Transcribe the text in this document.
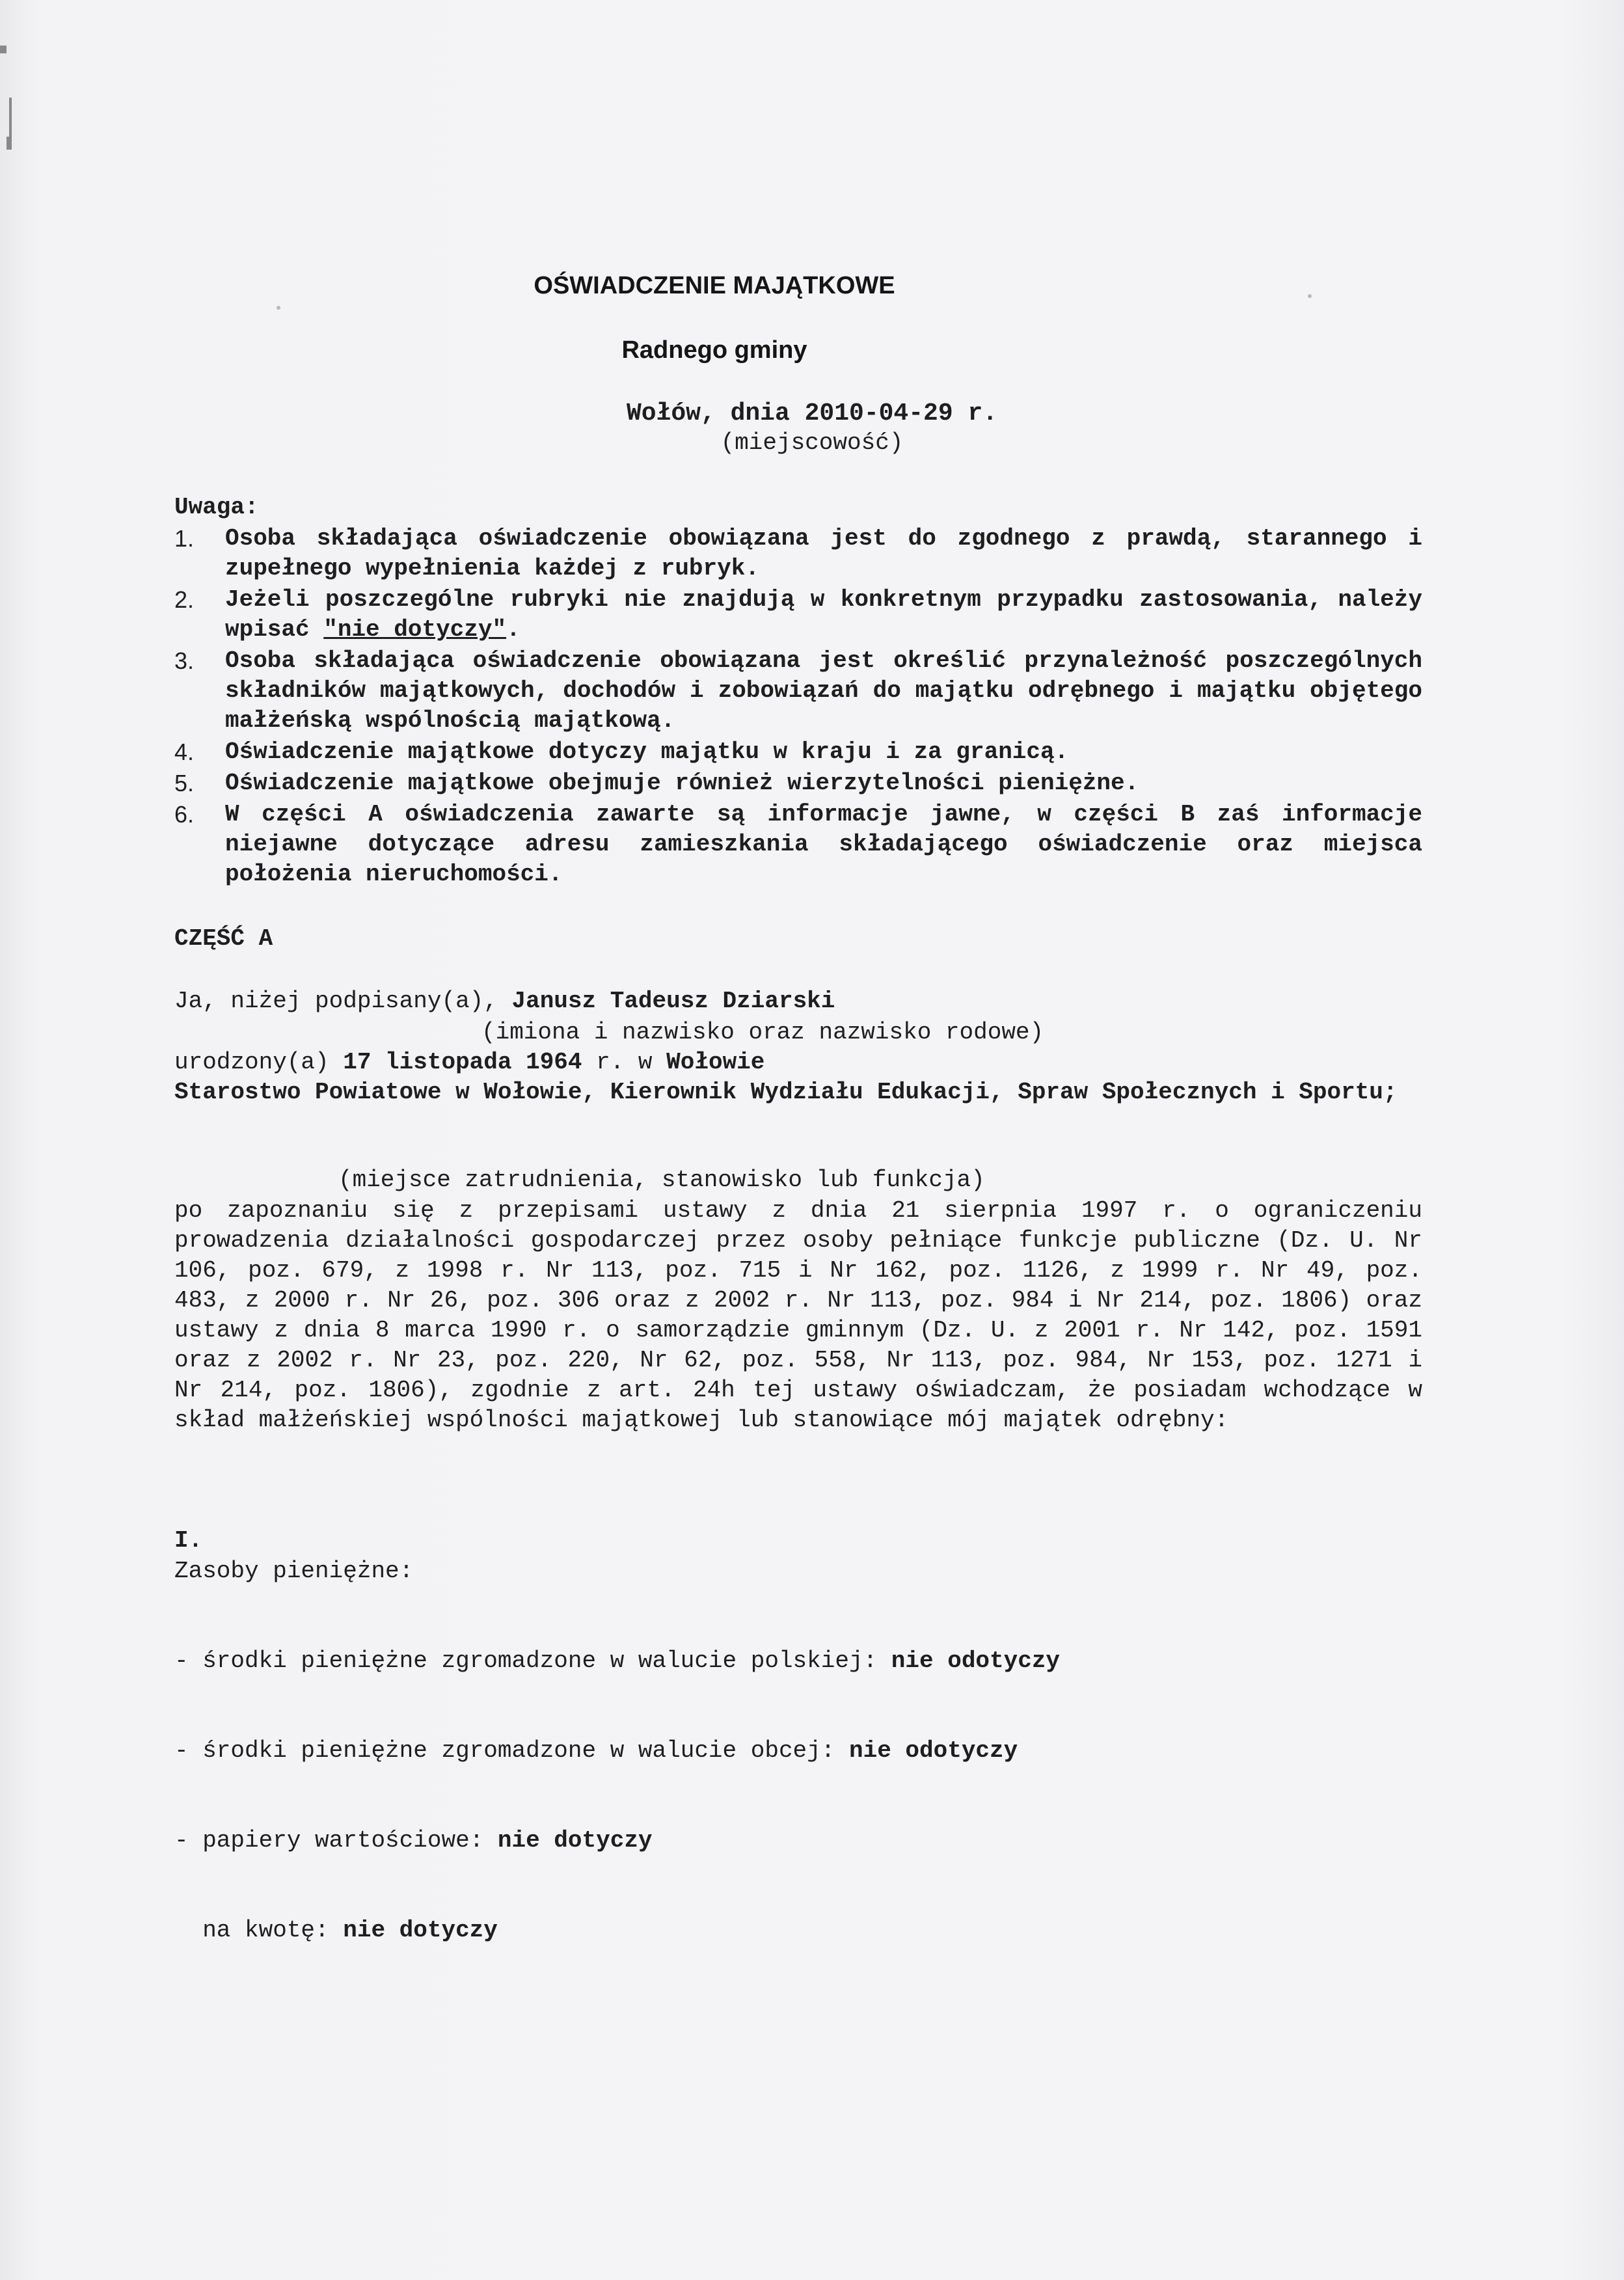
OŚWIADCZENIE MAJĄTKOWE
Radnego gminy
Wołów, dnia 2010-04-29 r.
(miejscowość)
Uwaga:
1. Osoba składająca oświadczenie obowiązana jest do zgodnego z prawdą, starannego i zupełnego wypełnienia każdej z rubryk.
2. Jeżeli poszczególne rubryki nie znajdują w konkretnym przypadku zastosowania, należy wpisać "nie dotyczy".
3. Osoba składająca oświadczenie obowiązana jest określić przynależność poszczególnych składników majątkowych, dochodów i zobowiązań do majątku odrębnego i majątku objętego małżeńską wspólnością majątkową.
4. Oświadczenie majątkowe dotyczy majątku w kraju i za granicą.
5. Oświadczenie majątkowe obejmuje również wierzytelności pieniężne.
6. W części A oświadczenia zawarte są informacje jawne, w części B zaś informacje niejawne dotyczące adresu zamieszkania składającego oświadczenie oraz miejsca położenia nieruchomości.
CZĘŚĆ A
Ja, niżej podpisany(a), Janusz Tadeusz Dziarski
(imiona i nazwisko oraz nazwisko rodowe)
urodzony(a) 17 listopada 1964 r. w Wołowie
Starostwo Powiatowe w Wołowie, Kierownik Wydziału Edukacji, Spraw Społecznych i Sportu;
(miejsce zatrudnienia, stanowisko lub funkcja)
po zapoznaniu się z przepisami ustawy z dnia 21 sierpnia 1997 r. o ograniczeniu prowadzenia działalności gospodarczej przez osoby pełniące funkcje publiczne (Dz. U. Nr 106, poz. 679, z 1998 r. Nr 113, poz. 715 i Nr 162, poz. 1126, z 1999 r. Nr 49, poz. 483, z 2000 r. Nr 26, poz. 306 oraz z 2002 r. Nr 113, poz. 984 i Nr 214, poz. 1806) oraz ustawy z dnia 8 marca 1990 r. o samorządzie gminnym (Dz. U. z 2001 r. Nr 142, poz. 1591 oraz z 2002 r. Nr 23, poz. 220, Nr 62, poz. 558, Nr 113, poz. 984, Nr 153, poz. 1271 i Nr 214, poz. 1806), zgodnie z art. 24h tej ustawy oświadczam, że posiadam wchodzące w skład małżeńskiej wspólności majątkowej lub stanowiące mój majątek odrębny:
I.
Zasoby pieniężne:

- środki pieniężne zgromadzone w walucie polskiej: nie odotyczy

- środki pieniężne zgromadzone w walucie obcej: nie odotyczy

- papiery wartościowe: nie dotyczy

na kwotę: nie dotyczy
